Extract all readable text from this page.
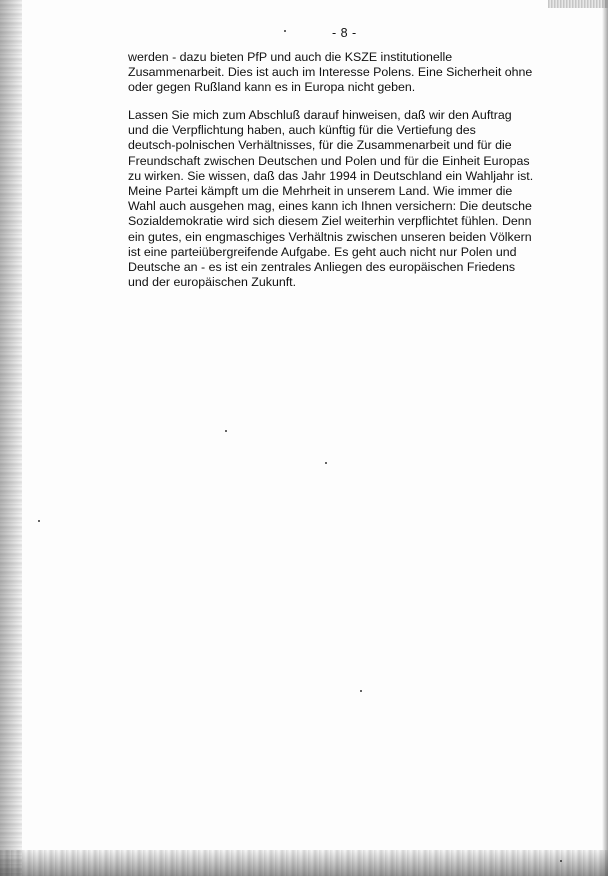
- 8 -

werden - dazu bieten PfP und auch die KSZE institutionelle
Zusammenarbeit. Dies ist auch im Interesse Polens. Eine Sicherheit ohne
oder gegen Rußland kann es in Europa nicht geben.

Lassen Sie mich zum Abschluß darauf hinweisen, daß wir den Auftrag
und die Verpflichtung haben, auch künftig für die Vertiefung des
deutsch-polnischen Verhältnisses, für die Zusammenarbeit und für die
Freundschaft zwischen Deutschen und Polen und für die Einheit Europas
zu wirken. Sie wissen, daß das Jahr 1994 in Deutschland ein Wahljahr ist.
Meine Partei kämpft um die Mehrheit in unserem Land. Wie immer die
Wahl auch ausgehen mag, eines kann ich Ihnen versichern: Die deutsche
Sozialdemokratie wird sich diesem Ziel weiterhin verpflichtet fühlen. Denn
ein gutes, ein engmaschiges Verhältnis zwischen unseren beiden Völkern
ist eine parteiübergreifende Aufgabe. Es geht auch nicht nur Polen und
Deutsche an - es ist ein zentrales Anliegen des europäischen Friedens
und der europäischen Zukunft.
